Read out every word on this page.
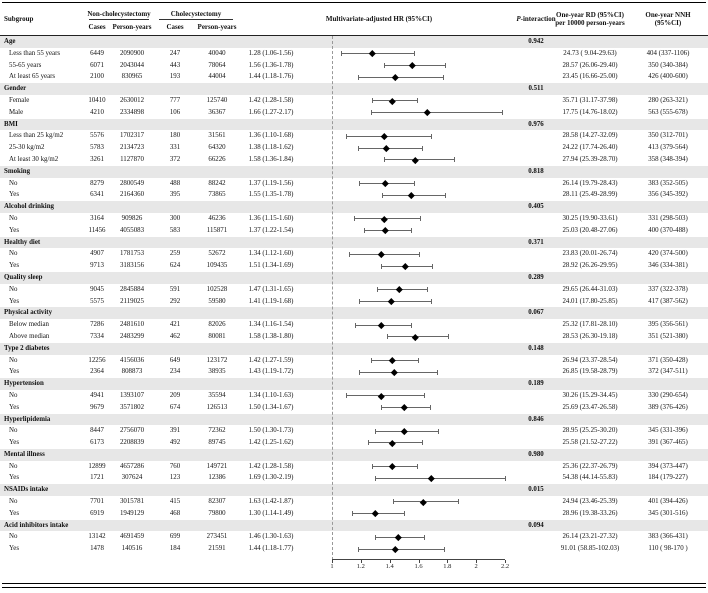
Subgroup
Non-cholecystectomy	Cholecystectomy
Cases Person-years	Cases	Person-years
Multivariate-adjusted HR (95%CI)	P -interaction
One-year RD (95%CI) per 10000 person-years
One-year NNH (95%CI)
Age	0.942
Less than 55 years	6449	2090900	247	40040	1.28 (1.06-1.56)	24.73 ( 9.04-29.63)	404 (337-1106)
55-65 years	6071	2043044	443	78064	1.56 (1.36-1.78)	28.57 (26.06-29.40)	350 (340-384)
At least 65 years	2100	830965	193	44004	1.44 (1.18-1.76)	23.45 (16.66-25.00)	426 (400-600)
Gender	0.511
Female	10410	2630012	777	125740	1.42 (1.28-1.58)	35.71 (31.17-37.98)	280 (263-321)
Male	4210	2334898	106	36367	1.66 (1.27-2.17)	17.75 (14.76-18.02)	563 (555-678)
BMI	0.976
Less than 25 kg/m2	5576	1702317	180	31561	1.36 (1.10-1.68)	28.58 (14.27-32.09)	350 (312-701)
25-30 kg/m2	5783	2134723	331	64320	1.38 (1.18-1.62)	24.22 (17.74-26.40)	413 (379-564)
At least 30 kg/m2	3261	1127870	372	66226	1.58 (1.36-1.84)	27.94 (25.39-28.70)	358 (348-394)
Smoking	0.818
No	8279	2800549	488	88242	1.37 (1.19-1.56)	26.14 (19.79-28.43)	383 (352-505)
Yes	6341	2164360	395	73865	1.55 (1.35-1.78)	28.11 (25.49-28.99)	356 (345-392)
Alcohol drinking	0.405
No	3164	909826	300	46236	1.36 (1.15-1.60)	30.25 (19.90-33.61)	331 (298-503)
Yes	11456	4055083	583	115871	1.37 (1.22-1.54)	25.03 (20.48-27.06)	400 (370-488)
Healthy diet	0.371
No	4907	1781753	259	52672	1.34 (1.12-1.60)	23.83 (20.01-26.74)	420 (374-500)
Yes	9713	3183156	624	109435	1.51 (1.34-1.69)	28.92 (26.26-29.95)	346 (334-381)
Quality sleep	0.289
No	9045	2845884	591	102528	1.47 (1.31-1.65)	29.65 (26.44-31.03)	337 (322-378)
Yes	5575	2119025	292	59580	1.41 (1.19-1.68)	24.01 (17.80-25.85)	417 (387-562)
Physical activity	0.067
Below median	7286	2481610	421	82026	1.34 (1.16-1.54)	25.32 (17.81-28.10)	395 (356-561)
Above median	7334	2483299	462	80081	1.58 (1.38-1.80)	28.53 (26.30-19.18)	351 (521-380)
Type 2 diabetes	0.148
No	12256	4156036	649	123172	1.42 (1.27-1.59)	26.94 (23.37-28.54)	371 (350-428)
Yes	2364	808873	234	38935	1.43 (1.19-1.72)	26.85 (19.58-28.79)	372 (347-511)
Hypertension	0.189
No	4941	1393107	209	35594	1.34 (1.10-1.63)	30.26 (15.29-34.45)	330 (290-654)
Yes	9679	3571802	674	126513	1.50 (1.34-1.67)	25.69 (23.47-26.58)	389 (376-426)
Hyperlipidemia	0.846
No	8447	2756070	391	72362	1.50 (1.30-1.73)	28.95 (25.25-30.20)	345 (331-396)
Yes	6173	2208839	492	89745	1.42 (1.25-1.62)	25.58 (21.52-27.22)	391 (367-465)
Mental illness	0.980
No	12899	4657286	760	149721	1.42 (1.28-1.58)	25.36 (22.37-26.79)	394 (373-447)
Yes	1721	307624	123	12386	1.69 (1.30-2.19)	54.38 (44.14-55.83)	184 (179-227)
NSAIDs intake	0.015
No	7701	3015781	415	82307	1.63 (1.42-1.87)	24.94 (23.46-25.39)	401 (394-426)
Yes	6919	1949129	468	79800	1.30 (1.14-1.49)	28.96 (19.38-33.26)	345 (301-516)
Acid inhibitors intake	0.094
No	13142	4691459	699	273451	1.46 (1.30-1.63)	26.14 (23.21-27.32)	383 (366-431)
Yes	1478	140516	184	21591	1.44 (1.18-1.77)	91.01 (58.85-102.03)	110 ( 98-170 )
1	1.2	1.4	1.6	1.8	2	2.2
